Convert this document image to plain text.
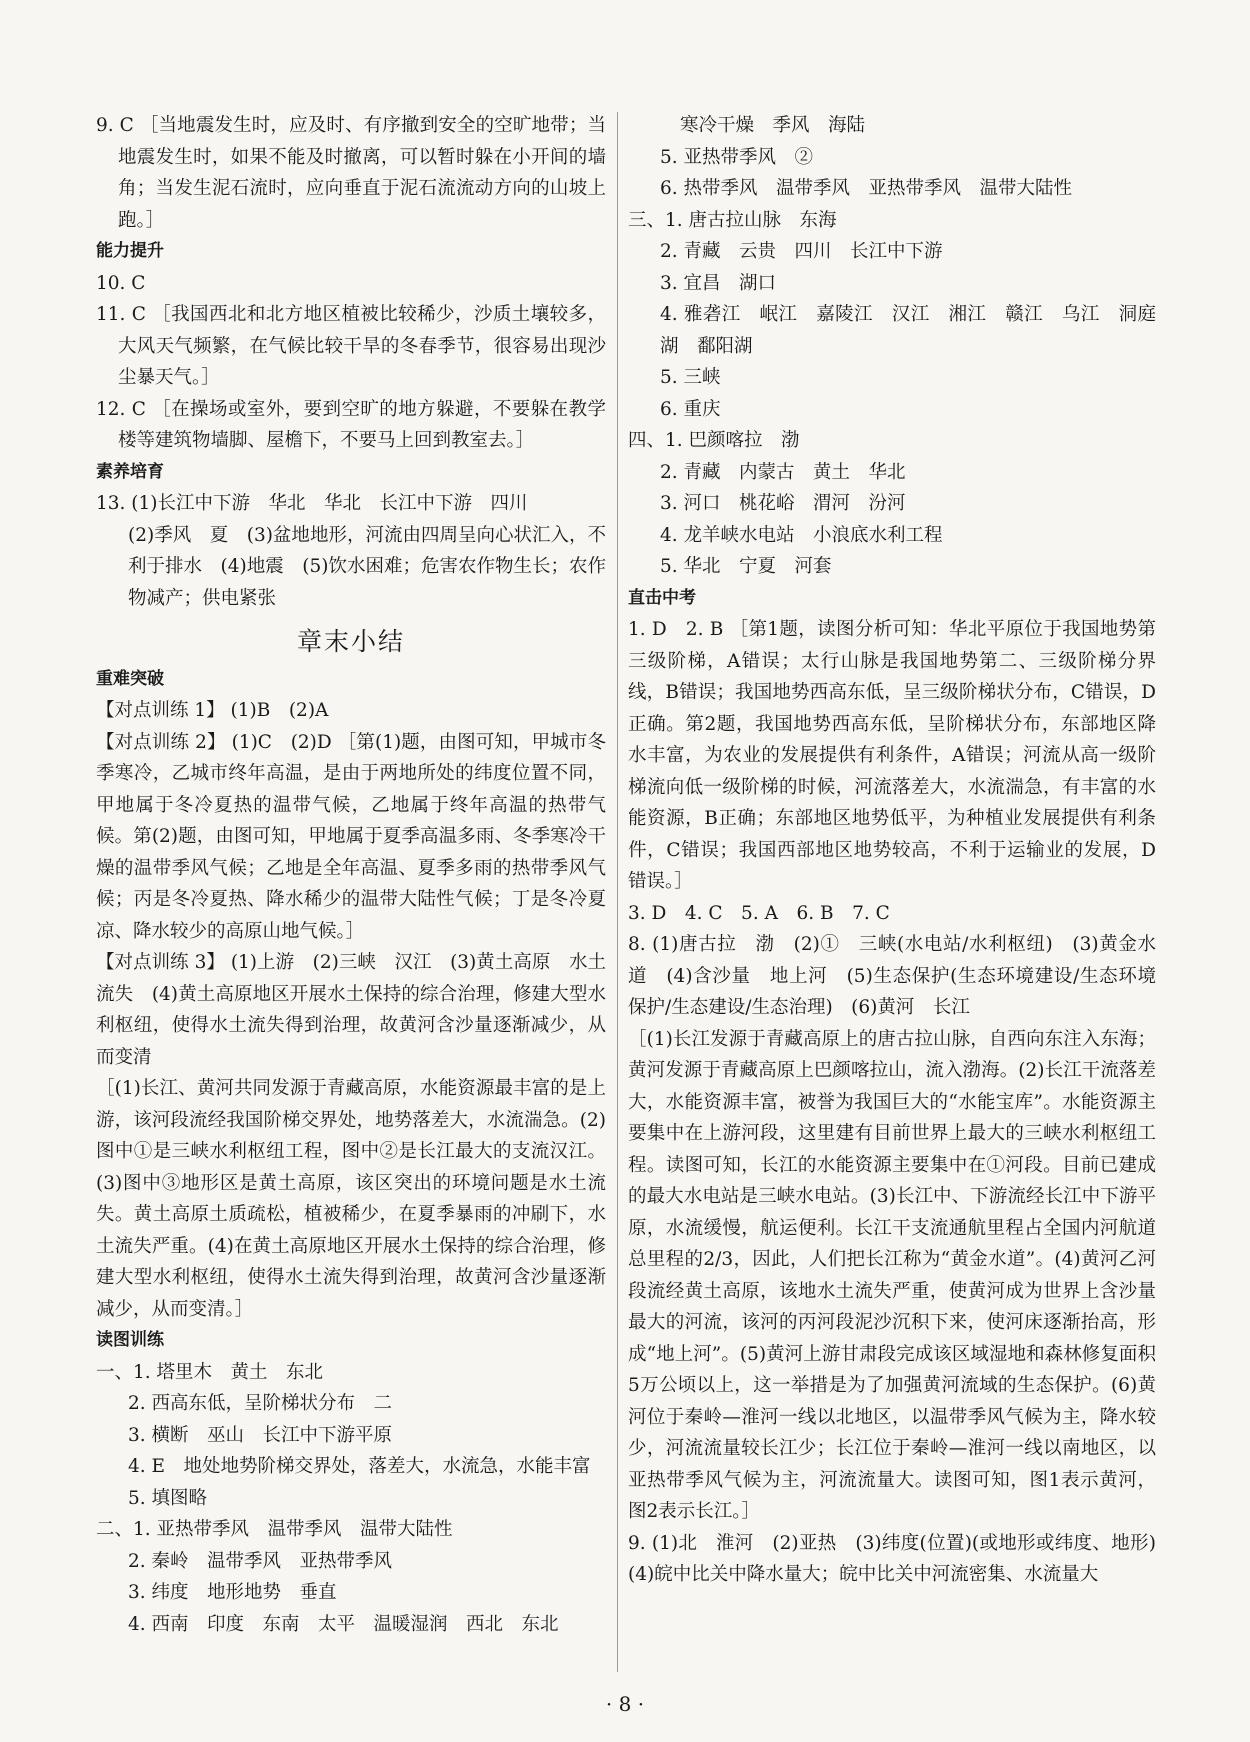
9. C ［当地震发生时，应及时、有序撤到安全的空旷地带；当地震发生时，如果不能及时撤离，可以暂时躲在小开间的墙角；当发生泥石流时，应向垂直于泥石流流动方向的山坡上跑。］

能力提升

10. C

11. C ［我国西北和北方地区植被比较稀少，沙质土壤较多，大风天气频繁，在气候比较干旱的冬春季节，很容易出现沙尘暴天气。］

12. C ［在操场或室外，要到空旷的地方躲避，不要躲在教学楼等建筑物墙脚、屋檐下，不要马上回到教室去。］

素养培育

13. (1)长江中下游　华北　华北　长江中下游　四川

(2)季风　夏　(3)盆地地形，河流由四周呈向心状汇入，不利于排水　(4)地震　(5)饮水困难；危害农作物生长；农作物减产；供电紧张

章末小结

重难突破

【对点训练 1】 (1)B　(2)A

【对点训练 2】 (1)C　(2)D ［第(1)题，由图可知，甲城市冬季寒冷，乙城市终年高温，是由于两地所处的纬度位置不同，甲地属于冬冷夏热的温带气候，乙地属于终年高温的热带气候。第(2)题，由图可知，甲地属于夏季高温多雨、冬季寒冷干燥的温带季风气候；乙地是全年高温、夏季多雨的热带季风气候；丙是冬冷夏热、降水稀少的温带大陆性气候；丁是冬冷夏凉、降水较少的高原山地气候。］

【对点训练 3】 (1)上游　(2)三峡　汉江　(3)黄土高原　水土流失　(4)黄土高原地区开展水土保持的综合治理，修建大型水利枢纽，使得水土流失得到治理，故黄河含沙量逐渐减少，从而变清

［(1)长江、黄河共同发源于青藏高原，水能资源最丰富的是上游，该河段流经我国阶梯交界处，地势落差大，水流湍急。(2)图中①是三峡水利枢纽工程，图中②是长江最大的支流汉江。(3)图中③地形区是黄土高原，该区突出的环境问题是水土流失。黄土高原土质疏松，植被稀少，在夏季暴雨的冲刷下，水土流失严重。(4)在黄土高原地区开展水土保持的综合治理，修建大型水利枢纽，使得水土流失得到治理，故黄河含沙量逐渐减少，从而变清。］

读图训练

一、1. 塔里木　黄土　东北

2. 西高东低，呈阶梯状分布　二

3. 横断　巫山　长江中下游平原

4. E　地处地势阶梯交界处，落差大，水流急，水能丰富

5. 填图略

二、1. 亚热带季风　温带季风　温带大陆性

2. 秦岭　温带季风　亚热带季风

3. 纬度　地形地势　垂直

4. 西南　印度　东南　太平　温暖湿润　西北　东北

寒冷干燥　季风　海陆

5. 亚热带季风　②

6. 热带季风　温带季风　亚热带季风　温带大陆性

三、1. 唐古拉山脉　东海

2. 青藏　云贵　四川　长江中下游

3. 宜昌　湖口

4. 雅砻江　岷江　嘉陵江　汉江　湘江　赣江　乌江　洞庭湖　鄱阳湖

5. 三峡

6. 重庆

四、1. 巴颜喀拉　渤

2. 青藏　内蒙古　黄土　华北

3. 河口　桃花峪　渭河　汾河

4. 龙羊峡水电站　小浪底水利工程

5. 华北　宁夏　河套

直击中考

1. D　2. B ［第1题，读图分析可知：华北平原位于我国地势第三级阶梯，A错误；太行山脉是我国地势第二、三级阶梯分界线，B错误；我国地势西高东低，呈三级阶梯状分布，C错误，D正确。第2题，我国地势西高东低，呈阶梯状分布，东部地区降水丰富，为农业的发展提供有利条件，A错误；河流从高一级阶梯流向低一级阶梯的时候，河流落差大，水流湍急，有丰富的水能资源，B正确；东部地区地势低平，为种植业发展提供有利条件，C错误；我国西部地区地势较高，不利于运输业的发展，D错误。］

3. D　4. C　5. A　6. B　7. C

8. (1)唐古拉　渤　(2)①　三峡(水电站/水利枢纽)　(3)黄金水道　(4)含沙量　地上河　(5)生态保护(生态环境建设/生态环境保护/生态建设/生态治理)　(6)黄河　长江

［(1)长江发源于青藏高原上的唐古拉山脉，自西向东注入东海；黄河发源于青藏高原上巴颜喀拉山，流入渤海。(2)长江干流落差大，水能资源丰富，被誉为我国巨大的“水能宝库”。水能资源主要集中在上游河段，这里建有目前世界上最大的三峡水利枢纽工程。读图可知，长江的水能资源主要集中在①河段。目前已建成的最大水电站是三峡水电站。(3)长江中、下游流经长江中下游平原，水流缓慢，航运便利。长江干支流通航里程占全国内河航道总里程的2/3，因此，人们把长江称为“黄金水道”。(4)黄河乙河段流经黄土高原，该地水土流失严重，使黄河成为世界上含沙量最大的河流，该河的丙河段泥沙沉积下来，使河床逐渐抬高，形成“地上河”。(5)黄河上游甘肃段完成该区域湿地和森林修复面积5万公顷以上，这一举措是为了加强黄河流域的生态保护。(6)黄河位于秦岭—淮河一线以北地区，以温带季风气候为主，降水较少，河流流量较长江少；长江位于秦岭—淮河一线以南地区，以亚热带季风气候为主，河流流量大。读图可知，图1表示黄河，图2表示长江。］

9. (1)北　淮河　(2)亚热　(3)纬度(位置)(或地形或纬度、地形)　(4)皖中比关中降水量大；皖中比关中河流密集、水流量大

· 8 ·
